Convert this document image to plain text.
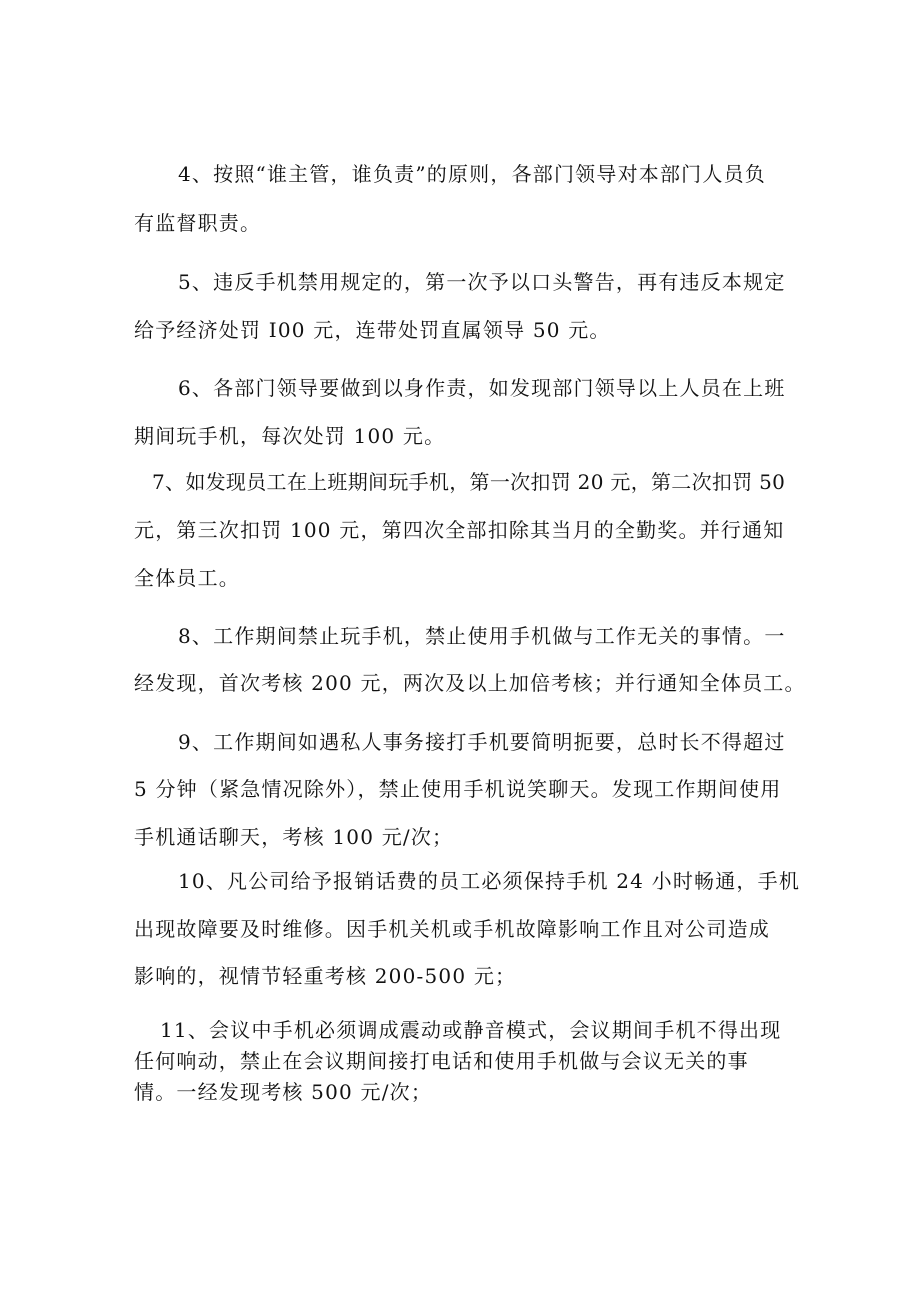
4、按照“谁主管，谁负责”的原则，各部门领导对本部门人员负
有监督职责。
5、违反手机禁用规定的，第一次予以口头警告，再有违反本规定
给予经济处罚 I00 元，连带处罚直属领导 50 元。
6、各部门领导要做到以身作责，如发现部门领导以上人员在上班
期间玩手机，每次处罚 100 元。
7、如发现员工在上班期间玩手机，第一次扣罚 20 元，第二次扣罚 50
元，第三次扣罚 100 元，第四次全部扣除其当月的全勤奖。并行通知
全体员工。
8、工作期间禁止玩手机，禁止使用手机做与工作无关的事情。一
经发现，首次考核 200 元，两次及以上加倍考核；并行通知全体员工。
9、工作期间如遇私人事务接打手机要简明扼要，总时长不得超过
5 分钟（紧急情况除外），禁止使用手机说笑聊天。发现工作期间使用
手机通话聊天，考核 100 元/次；
10、凡公司给予报销话费的员工必须保持手机 24 小时畅通，手机
出现故障要及时维修。因手机关机或手机故障影响工作且对公司造成
影响的，视情节轻重考核 200-500 元；
11、会议中手机必须调成震动或静音模式，会议期间手机不得出现
任何响动，禁止在会议期间接打电话和使用手机做与会议无关的事
情。一经发现考核 500 元/次；
